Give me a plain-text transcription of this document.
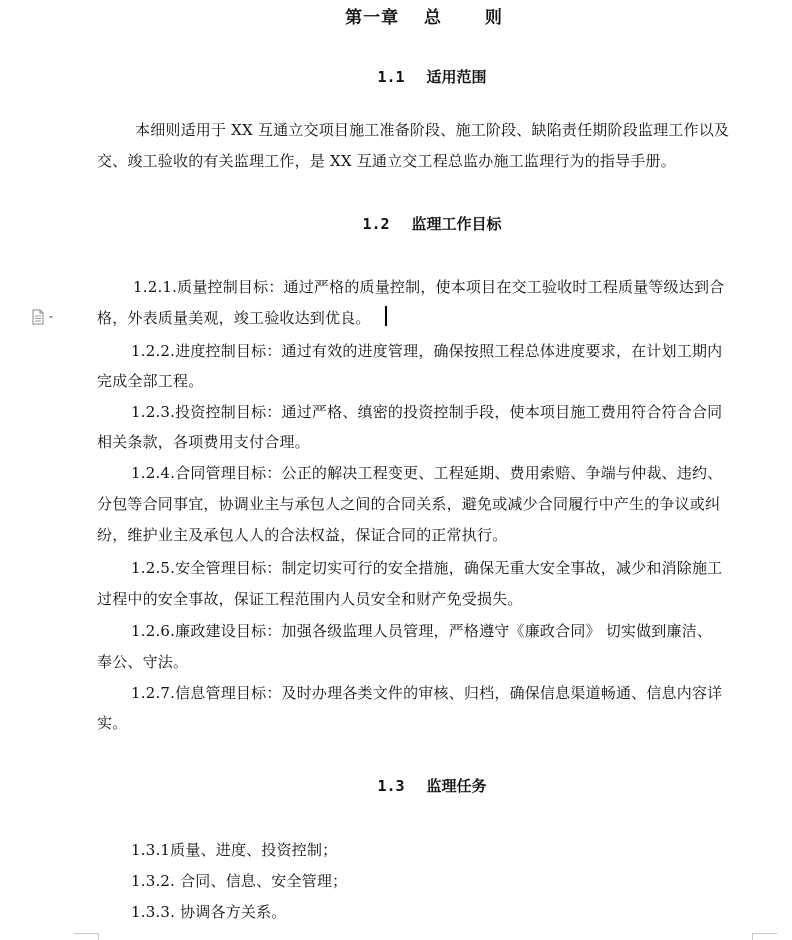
第一章　 总 　　则
1.1 适用范围
本细则适用于 XX 互通立交项目施工准备阶段、施工阶段、缺陷责任期阶段监理工作以及
交、竣工验收的有关监理工作，是 XX 互通立交工程总监办施工监理行为的指导手册。
1.2 监理工作目标
1.2.1.质量控制目标：通过严格的质量控制，使本项目在交工验收时工程质量等级达到合
格，外表质量美观，竣工验收达到优良。
1.2.2.进度控制目标：通过有效的进度管理，确保按照工程总体进度要求，在计划工期内
完成全部工程。
1.2.3.投资控制目标：通过严格、缜密的投资控制手段，使本项目施工费用符合符合合同
相关条款，各项费用支付合理。
1.2.4.合同管理目标：公正的解决工程变更、工程延期、费用索赔、争端与仲裁、违约、
分包等合同事宜，协调业主与承包人之间的合同关系，避免或减少合同履行中产生的争议或纠
纷，维护业主及承包人人的合法权益，保证合同的正常执行。
1.2.5.安全管理目标：制定切实可行的安全措施，确保无重大安全事故，减少和消除施工
过程中的安全事故，保证工程范围内人员安全和财产免受损失。
1.2.6.廉政建设目标：加强各级监理人员管理，严格遵守《廉政合同》 切实做到廉洁、
奉公、守法。
1.2.7.信息管理目标：及时办理各类文件的审核、归档，确保信息渠道畅通、信息内容详
实。
1.3 监理任务
1.3.1质量、进度、投资控制；
1.3.2. 合同、信息、安全管理；
1.3.3. 协调各方关系。
